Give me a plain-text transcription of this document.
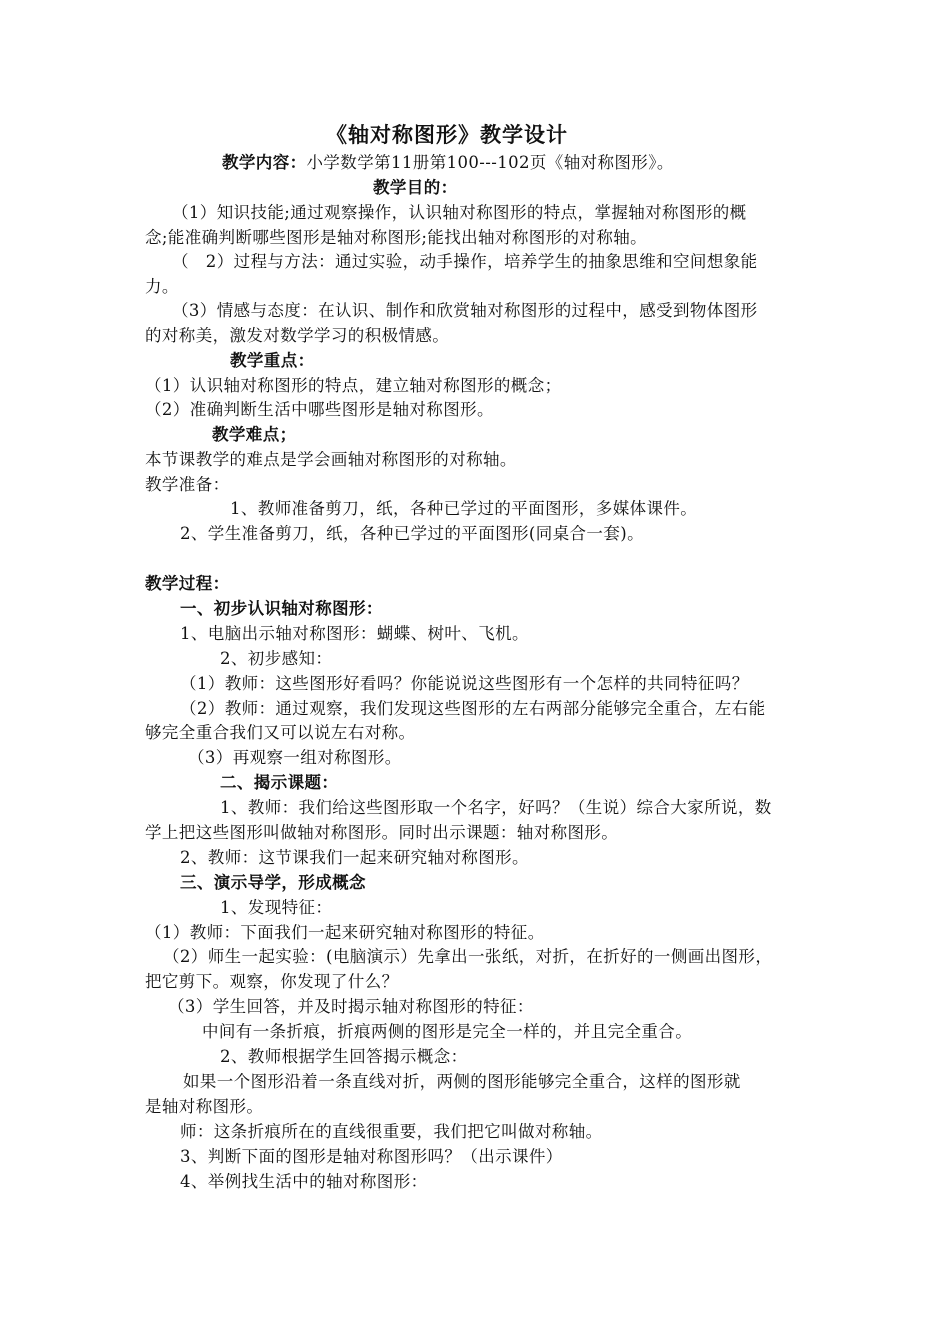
《轴对称图形》教学设计
教学内容：小学数学第11册第100---102页《轴对称图形》。
教学目的：
（1）知识技能;通过观察操作，认识轴对称图形的特点，掌握轴对称图形的概
念;能准确判断哪些图形是轴对称图形;能找出轴对称图形的对称轴。
（　2）过程与方法：通过实验，动手操作，培养学生的抽象思维和空间想象能
力。
（3）情感与态度：在认识、制作和欣赏轴对称图形的过程中，感受到物体图形
的对称美，激发对数学学习的积极情感。
教学重点：
（1）认识轴对称图形的特点，建立轴对称图形的概念；
（2）准确判断生活中哪些图形是轴对称图形。
教学难点；
本节课教学的难点是学会画轴对称图形的对称轴。
教学准备：
1、教师准备剪刀，纸，各种已学过的平面图形，多媒体课件。
2、学生准备剪刀，纸，各种已学过的平面图形(同桌合一套)。
教学过程：
一、初步认识轴对称图形：
1、电脑出示轴对称图形：蝴蝶、树叶、飞机。
2、初步感知：
（1）教师：这些图形好看吗？你能说说这些图形有一个怎样的共同特征吗？
（2）教师：通过观察，我们发现这些图形的左右两部分能够完全重合，左右能
够完全重合我们又可以说左右对称。
（3）再观察一组对称图形。
二、揭示课题：
1、教师：我们给这些图形取一个名字，好吗？（生说）综合大家所说，数
学上把这些图形叫做轴对称图形。同时出示课题：轴对称图形。
2、教师：这节课我们一起来研究轴对称图形。
三、演示导学，形成概念
1、发现特征：
（1）教师：下面我们一起来研究轴对称图形的特征。
（2）师生一起实验：(电脑演示）先拿出一张纸，对折，在折好的一侧画出图形，
把它剪下。观察，你发现了什么？
（3）学生回答，并及时揭示轴对称图形的特征：
中间有一条折痕，折痕两侧的图形是完全一样的，并且完全重合。
2、教师根据学生回答揭示概念：
如果一个图形沿着一条直线对折，两侧的图形能够完全重合，这样的图形就
是轴对称图形。
师：这条折痕所在的直线很重要，我们把它叫做对称轴。
3、判断下面的图形是轴对称图形吗？（出示课件）
4、举例找生活中的轴对称图形：
